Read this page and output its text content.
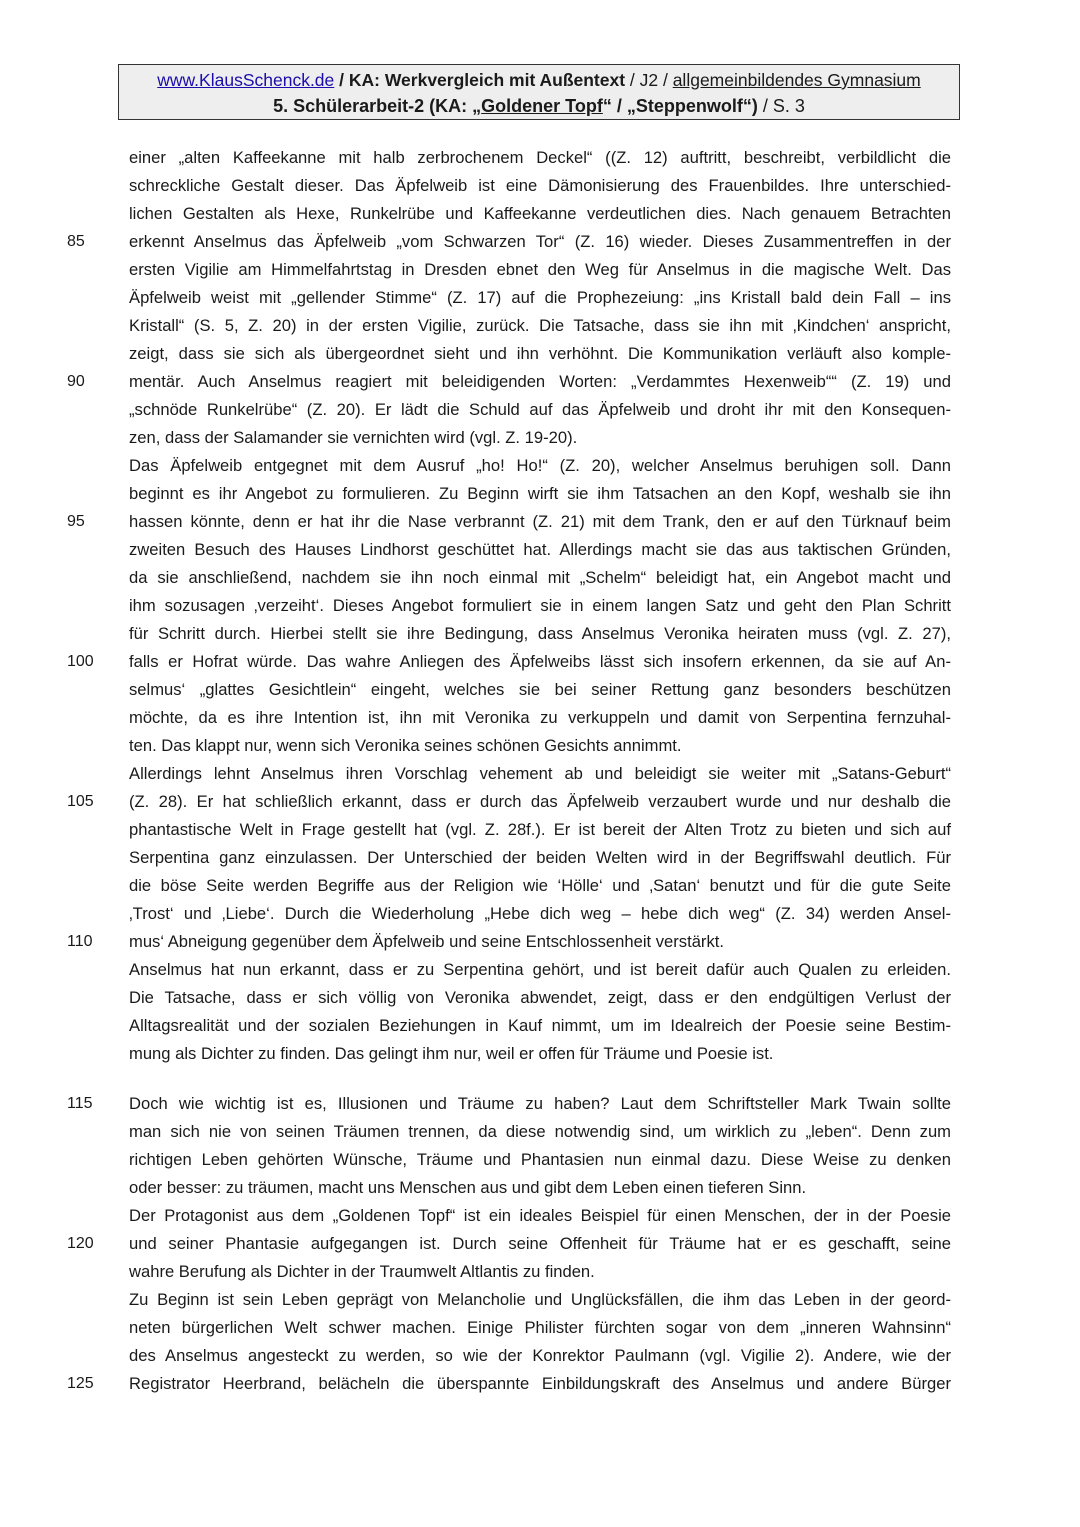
www.KlausSchenck.de / KA: Werkvergleich mit Außentext / J2 / allgemeinbildendes Gymnasium
5. Schülerarbeit-2 (KA: „Goldener Topf“ / „Steppenwolf“) / S. 3
einer „alten Kaffeekanne mit halb zerbrochenem Deckel“ ((Z. 12) auftritt, beschreibt, verbildlicht die
schreckliche Gestalt dieser. Das Äpfelweib ist eine Dämonisierung des Frauenbildes. Ihre unterschied-
lichen Gestalten als Hexe, Runkelrübe und Kaffeekanne verdeutlichen dies. Nach genauem Betrachten
85	erkennt Anselmus das Äpfelweib „vom Schwarzen Tor“ (Z. 16) wieder. Dieses Zusammentreffen in der
ersten Vigilie am Himmelfahrtstag in Dresden ebnet den Weg für Anselmus in die magische Welt. Das
Äpfelweib weist mit „gellender Stimme“ (Z. 17) auf die Prophezeiung: „ins Kristall bald dein Fall – ins
Kristall“ (S. 5, Z. 20) in der ersten Vigilie, zurück. Die Tatsache, dass sie ihn mit ‚Kindchen‘ anspricht,
zeigt, dass sie sich als übergeordnet sieht und ihn verhöhnt. Die Kommunikation verläuft also komple-
90	mentär. Auch Anselmus reagiert mit beleidigenden Worten: „Verdammtes Hexenweib““ (Z. 19) und
„schnöde Runkelrübe“ (Z. 20). Er lädt die Schuld auf das Äpfelweib und droht ihr mit den Konsequen-
zen, dass der Salamander sie vernichten wird (vgl. Z. 19-20).
Das Äpfelweib entgegnet mit dem Ausruf „ho! Ho!“ (Z. 20), welcher Anselmus beruhigen soll. Dann
beginnt es ihr Angebot zu formulieren. Zu Beginn wirft sie ihm Tatsachen an den Kopf, weshalb sie ihn
95	hassen könnte, denn er hat ihr die Nase verbrannt (Z. 21) mit dem Trank, den er auf den Türknauf beim
zweiten Besuch des Hauses Lindhorst geschüttet hat. Allerdings macht sie das aus taktischen Gründen,
da sie anschließend, nachdem sie ihn noch einmal mit „Schelm“ beleidigt hat, ein Angebot macht und
ihm sozusagen ‚verzeiht‘. Dieses Angebot formuliert sie in einem langen Satz und geht den Plan Schritt
für Schritt durch. Hierbei stellt sie ihre Bedingung, dass Anselmus Veronika heiraten muss (vgl. Z. 27),
100	falls er Hofrat würde. Das wahre Anliegen des Äpfelweibs lässt sich insofern erkennen, da sie auf An-
selmus‘ „glattes Gesichtlein“ eingeht, welches sie bei seiner Rettung ganz besonders beschützen
möchte, da es ihre Intention ist, ihn mit Veronika zu verkuppeln und damit von Serpentina fernzuhal-
ten. Das klappt nur, wenn sich Veronika seines schönen Gesichts annimmt.
Allerdings lehnt Anselmus ihren Vorschlag vehement ab und beleidigt sie weiter mit „Satans-Geburt“
105	(Z. 28). Er hat schließlich erkannt, dass er durch das Äpfelweib verzaubert wurde und nur deshalb die
phantastische Welt in Frage gestellt hat (vgl. Z. 28f.). Er ist bereit der Alten Trotz zu bieten und sich auf
Serpentina ganz einzulassen. Der Unterschied der beiden Welten wird in der Begriffswahl deutlich. Für
die böse Seite werden Begriffe aus der Religion wie ‘Hölle‘ und ‚Satan‘ benutzt und für die gute Seite
‚Trost‘ und ‚Liebe‘. Durch die Wiederholung „Hebe dich weg – hebe dich weg“ (Z. 34) werden Ansel-
110	mus‘ Abneigung gegenüber dem Äpfelweib und seine Entschlossenheit verstärkt.
Anselmus hat nun erkannt, dass er zu Serpentina gehört, und ist bereit dafür auch Qualen zu erleiden.
Die Tatsache, dass er sich völlig von Veronika abwendet, zeigt, dass er den endgültigen Verlust der
Alltagsrealität und der sozialen Beziehungen in Kauf nimmt, um im Idealreich der Poesie seine Bestim-
mung als Dichter zu finden. Das gelingt ihm nur, weil er offen für Träume und Poesie ist.
115	Doch wie wichtig ist es, Illusionen und Träume zu haben? Laut dem Schriftsteller Mark Twain sollte
man sich nie von seinen Träumen trennen, da diese notwendig sind, um wirklich zu „leben“. Denn zum
richtigen Leben gehörten Wünsche, Träume und Phantasien nun einmal dazu. Diese Weise zu denken
oder besser: zu träumen, macht uns Menschen aus und gibt dem Leben einen tieferen Sinn.
Der Protagonist aus dem „Goldenen Topf“ ist ein ideales Beispiel für einen Menschen, der in der Poesie
120	und seiner Phantasie aufgegangen ist. Durch seine Offenheit für Träume hat er es geschafft, seine
wahre Berufung als Dichter in der Traumwelt Altlantis zu finden.
Zu Beginn ist sein Leben geprägt von Melancholie und Unglücksfällen, die ihm das Leben in der geord-
neten bürgerlichen Welt schwer machen. Einige Philister fürchten sogar von dem „inneren Wahnsinn“
des Anselmus angesteckt zu werden, so wie der Konrektor Paulmann (vgl. Vigilie 2). Andere, wie der
125	Registrator Heerbrand, belächeln die überspannte Einbildungskraft des Anselmus und andere Bürger
